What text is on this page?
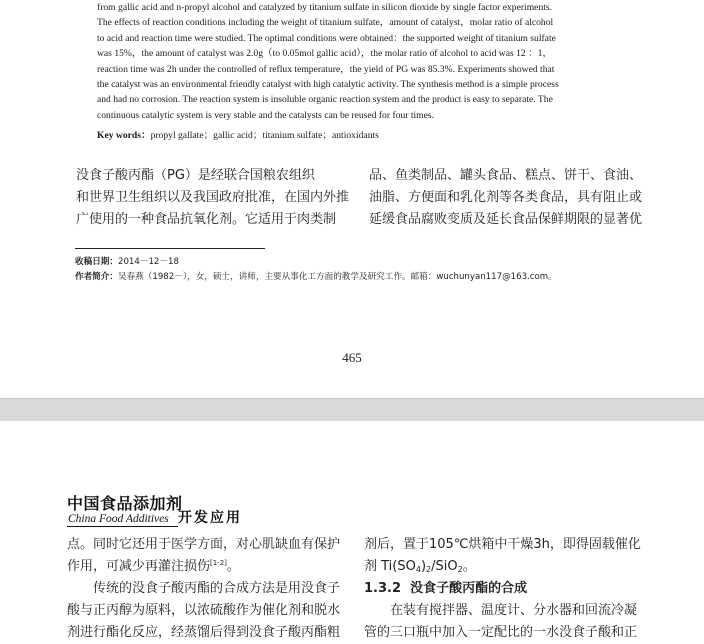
from gallic acid and n-propyl alcohol and catalyzed by titanium sulfate in silicon dioxide by single factor experiments.
The effects of reaction conditions including the weight of titanium sulfate，amount of catalyst，molar ratio of alcohol
to acid and reaction time were studied. The optimal conditions were obtained：the supported weight of titanium sulfate
was 15%，the amount of catalyst was 2.0g（to 0.05mol gallic acid），the molar ratio of alcohol to acid was 12 ：1，
reaction time was 2h under the controlled of reflux temperature，the yield of PG was 85.3%. Experiments showed that
the catalyst was an environmental friendly catalyst with high catalytic activity. The synthesis method is a simple process
and had no corrosion. The reaction system is insoluble organic reaction system and the product is easy to separate. The
continuous catalytic system is very stable and the catalysts can be reused for four times.
Key words：propyl gallate；gallic acid；titanium sulfate；antioxidants
没食子酸丙酯（PG）是经联合国粮农组织
和世界卫生组织以及我国政府批准，在国内外推
广使用的一种食品抗氧化剂。它适用于肉类制
品、鱼类制品、罐头食品、糕点、饼干、食油、
油脂、方便面和乳化剂等各类食品，具有阻止或
延缓食品腐败变质及延长食品保鲜期限的显著优
收稿日期：2014－12－18
作者简介：吴春燕（1982－），女，硕士，讲师，主要从事化工方面的教学及研究工作。邮箱：wuchunyan117@163.com。
465
中国食品添加剂
China Food Additives 开发应用
点。同时它还用于医学方面，对心肌缺血有保护
作用，可减少再灌注损伤[1-2]。
　　传统的没食子酸丙酯的合成方法是用没食子
酸与正丙醇为原料，以浓硫酸作为催化剂和脱水
剂进行酯化反应，经蒸馏后得到没食子酸丙酯粗
剂后，置于105℃烘箱中干燥3h，即得固载催化
剂 $Ti(SO_4)_2/SiO_2$。
1.3.2 没食子酸丙酯的合成
　　在装有搅拌器、温度计、分水器和回流冷凝
管的三口瓶中加入一定配比的一水没食子酸和正
